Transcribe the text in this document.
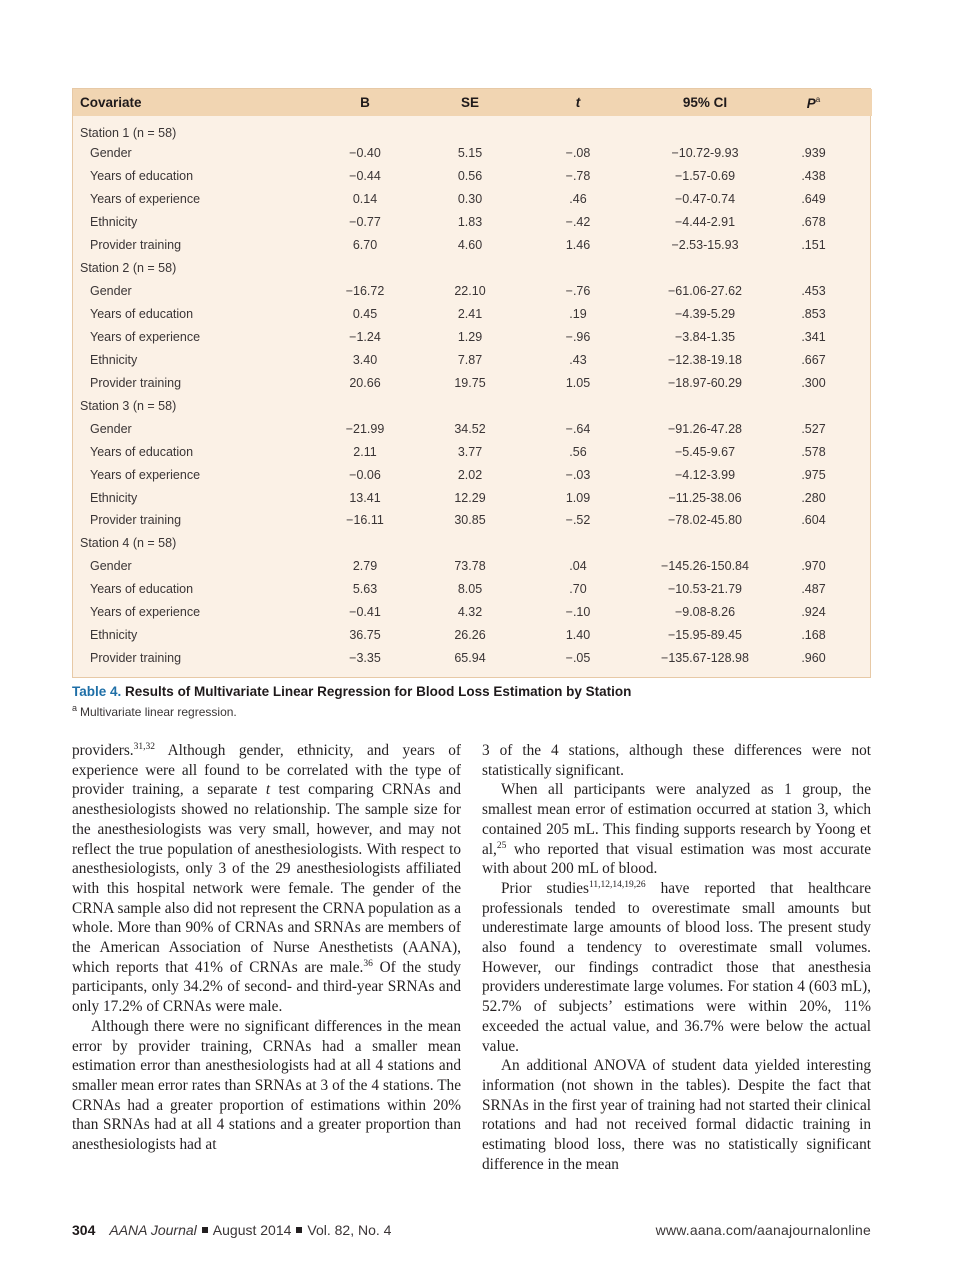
Covariate	B	SE	t	95% CI	$P^a$
Station 1 (n = 58)					
Gender	−0.40	5.15	−.08	−10.72-9.93	.939
Years of education	−0.44	0.56	−.78	−1.57-0.69	.438
Years of experience	0.14	0.30	.46	−0.47-0.74	.649
Ethnicity	−0.77	1.83	−.42	−4.44-2.91	.678
Provider training	6.70	4.60	1.46	−2.53-15.93	.151
Station 2 (n = 58)					
Gender	−16.72	22.10	−.76	−61.06-27.62	.453
Years of education	0.45	2.41	.19	−4.39-5.29	.853
Years of experience	−1.24	1.29	−.96	−3.84-1.35	.341
Ethnicity	3.40	7.87	.43	−12.38-19.18	.667
Provider training	20.66	19.75	1.05	−18.97-60.29	.300
Station 3 (n = 58)					
Gender	−21.99	34.52	−.64	−91.26-47.28	.527
Years of education	2.11	3.77	.56	−5.45-9.67	.578
Years of experience	−0.06	2.02	−.03	−4.12-3.99	.975
Ethnicity	13.41	12.29	1.09	−11.25-38.06	.280
Provider training	−16.11	30.85	−.52	−78.02-45.80	.604
Station 4 (n = 58)					
Gender	2.79	73.78	.04	−145.26-150.84	.970
Years of education	5.63	8.05	.70	−10.53-21.79	.487
Years of experience	−0.41	4.32	−.10	−9.08-8.26	.924
Ethnicity	36.75	26.26	1.40	−15.95-89.45	.168
Provider training	−3.35	65.94	−.05	−135.67-128.98	.960
Table 4. Results of Multivariate Linear Regression for Blood Loss Estimation by Station
$^a$ Multivariate linear regression.

providers.$^{31,32}$ Although gender, ethnicity, and years of experience were all found to be correlated with the type of provider training, a separate t test comparing CRNAs and anesthesiologists showed no relationship. The sample size for the anesthesiologists was very small, however, and may not reflect the true population of anesthesiologists. With respect to anesthesiologists, only 3 of the 29 anesthesiologists affiliated with this hospital network were female. The gender of the CRNA sample also did not represent the CRNA population as a whole. More than 90% of CRNAs and SRNAs are members of the American Association of Nurse Anesthetists (AANA), which reports that 41% of CRNAs are male.$^{36}$ Of the study participants, only 34.2% of second- and third-year SRNAs and only 17.2% of CRNAs were male.

Although there were no significant differences in the mean error by provider training, CRNAs had a smaller mean estimation error than anesthesiologists had at all 4 stations and smaller mean error rates than SRNAs at 3 of the 4 stations. The CRNAs had a greater proportion of estimations within 20% than SRNAs had at all 4 stations and a greater proportion than anesthesiologists had at

3 of the 4 stations, although these differences were not statistically significant.

When all participants were analyzed as 1 group, the smallest mean error of estimation occurred at station 3, which contained 205 mL. This finding supports research by Yoong et al,$^{25}$ who reported that visual estimation was most accurate with about 200 mL of blood.

Prior studies$^{11,12,14,19,26}$ have reported that healthcare professionals tended to overestimate small amounts but underestimate large amounts of blood loss. The present study also found a tendency to overestimate small volumes. However, our findings contradict those that anesthesia providers underestimate large volumes. For station 4 (603 mL), 52.7% of subjects’ estimations were within 20%, 11% exceeded the actual value, and 36.7% were below the actual value.

An additional ANOVA of student data yielded interesting information (not shown in the tables). Despite the fact that SRNAs in the first year of training had not started their clinical rotations and had not received formal didactic training in estimating blood loss, there was no statistically significant difference in the mean

304 AANA Journal August 2014 Vol. 82, No. 4	www.aana.com/aanajournalonline
